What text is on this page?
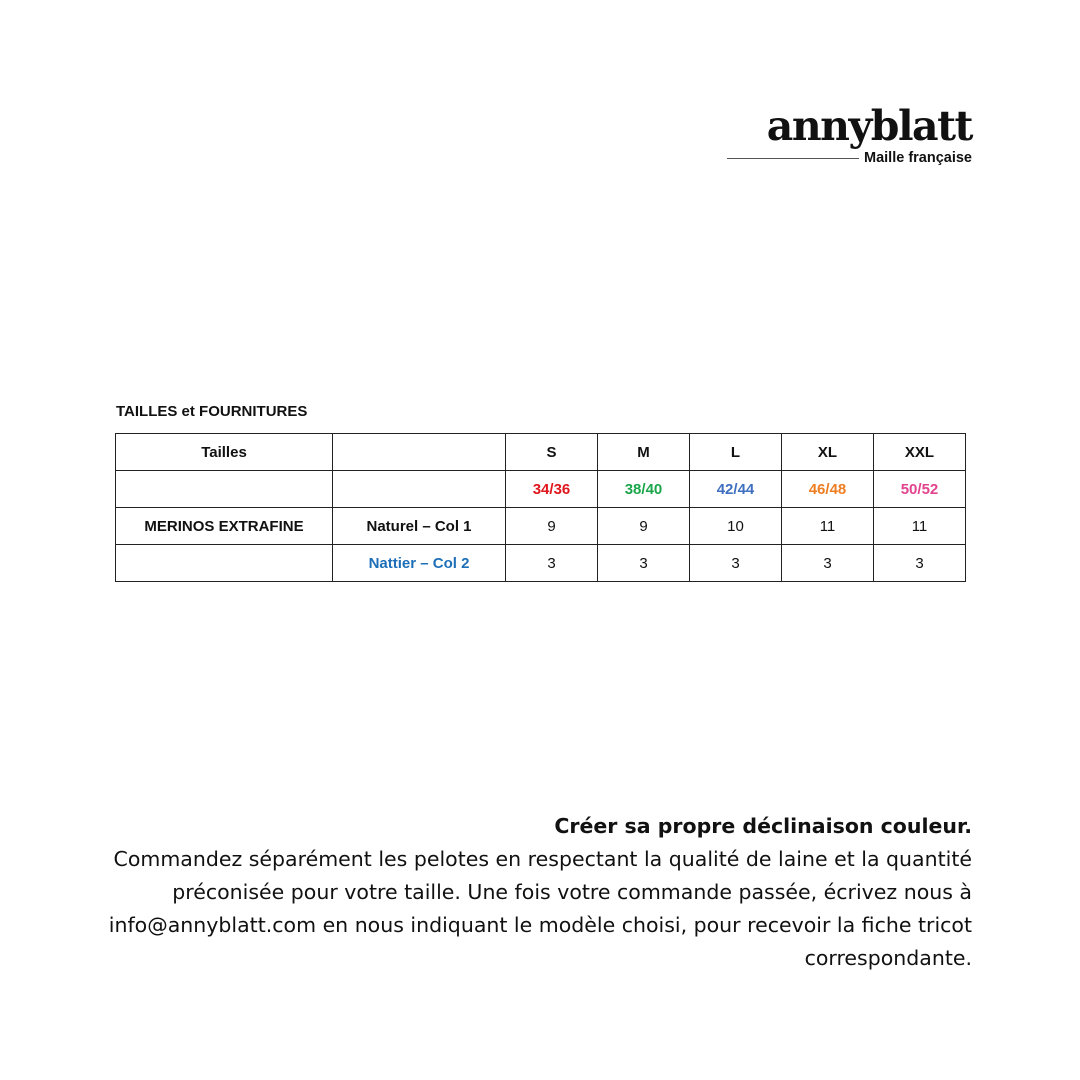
annyblatt
Maille française
TAILLES et FOURNITURES
Tailles		S	M	L	XL	XXL
		34/36	38/40	42/44	46/48	50/52
MERINOS EXTRAFINE	Naturel – Col 1	9	9	10	11	11
	Nattier – Col 2	3	3	3	3	3
Créer sa propre déclinaison couleur.
Commandez séparément les pelotes en respectant la qualité de laine et la quantité préconisée pour votre taille. Une fois votre commande passée, écrivez nous à info@annyblatt.com en nous indiquant le modèle choisi, pour recevoir la fiche tricot correspondante.
